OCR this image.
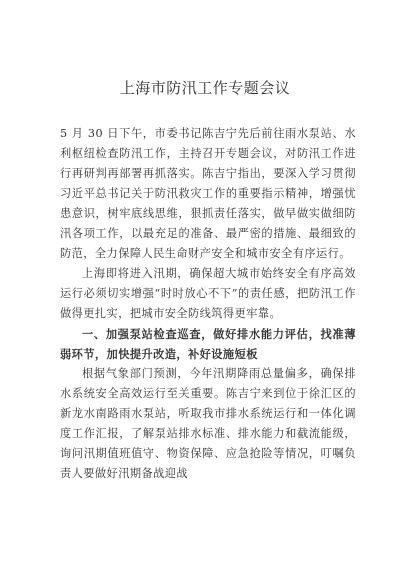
上海市防汛工作专题会议

5 月 30 日下午，市委书记陈吉宁先后前往雨水泵站、水利枢纽检查防汛工作，主持召开专题会议，对防汛工作进行再研判再部署再抓落实。陈吉宁指出，要深入学习贯彻习近平总书记关于防汛救灾工作的重要指示精神，增强忧患意识，树牢底线思维，狠抓责任落实，做早做实做细防汛各项工作，以最充足的准备、最严密的措施、最细致的防范，全力保障人民生命财产安全和城市安全有序运行。

上海即将进入汛期，确保超大城市始终安全有序高效运行必须切实增强“时时放心不下”的责任感，把防汛工作做得更扎实，把城市安全防线筑得更牢靠。

一、加强泵站检查巡查，做好排水能力评估，找准薄弱环节，加快提升改造，补好设施短板

根据气象部门预测，今年汛期降雨总量偏多，确保排水系统安全高效运行至关重要。陈吉宁来到位于徐汇区的新龙水南路雨水泵站，听取我市排水系统运行和一体化调度工作汇报，了解泵站排水标准、排水能力和截流能级，询问汛期值班值守、物资保障、应急抢险等情况，叮嘱负责人要做好汛期备战迎战
